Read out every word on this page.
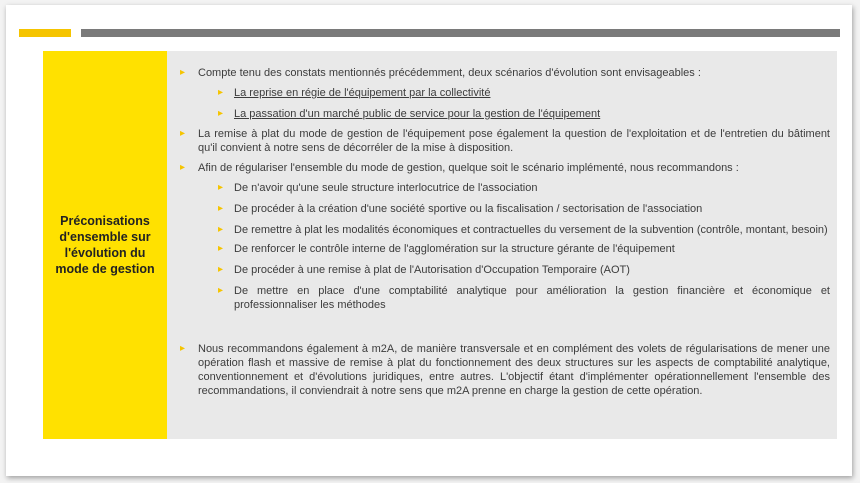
Préconisations
d'ensemble sur
l'évolution du
mode de gestion
▸ Compte tenu des constats mentionnés précédemment, deux scénarios d'évolution sont envisageables :
▸ La reprise en régie de l'équipement par la collectivité
▸ La passation d'un marché public de service pour la gestion de l'équipement
▸ La remise à plat du mode de gestion de l'équipement pose également la question de l'exploitation et de l'entretien du bâtiment qu'il convient à notre sens de décorréler de la mise à disposition.
▸ Afin de régulariser l'ensemble du mode de gestion, quelque soit le scénario implémenté, nous recommandons :
▸ De n'avoir qu'une seule structure interlocutrice de l'association
▸ De procéder à la création d'une société sportive ou la fiscalisation / sectorisation de l'association
▸ De remettre à plat les modalités économiques et contractuelles du versement de la subvention (contrôle, montant, besoin)
▸ De renforcer le contrôle interne de l'agglomération sur la structure gérante de l'équipement
▸ De procéder à une remise à plat de l'Autorisation d'Occupation Temporaire (AOT)
▸ De mettre en place d'une comptabilité analytique pour amélioration la gestion financière et économique et professionnaliser les méthodes
▸ Nous recommandons également à m2A, de manière transversale et en complément des volets de régularisations de mener une opération flash et massive de remise à plat du fonctionnement des deux structures sur les aspects de comptabilité analytique, conventionnement et d'évolutions juridiques, entre autres. L'objectif étant d'implémenter opérationnellement l'ensemble des recommandations, il conviendrait à notre sens que m2A prenne en charge la gestion de cette opération.
